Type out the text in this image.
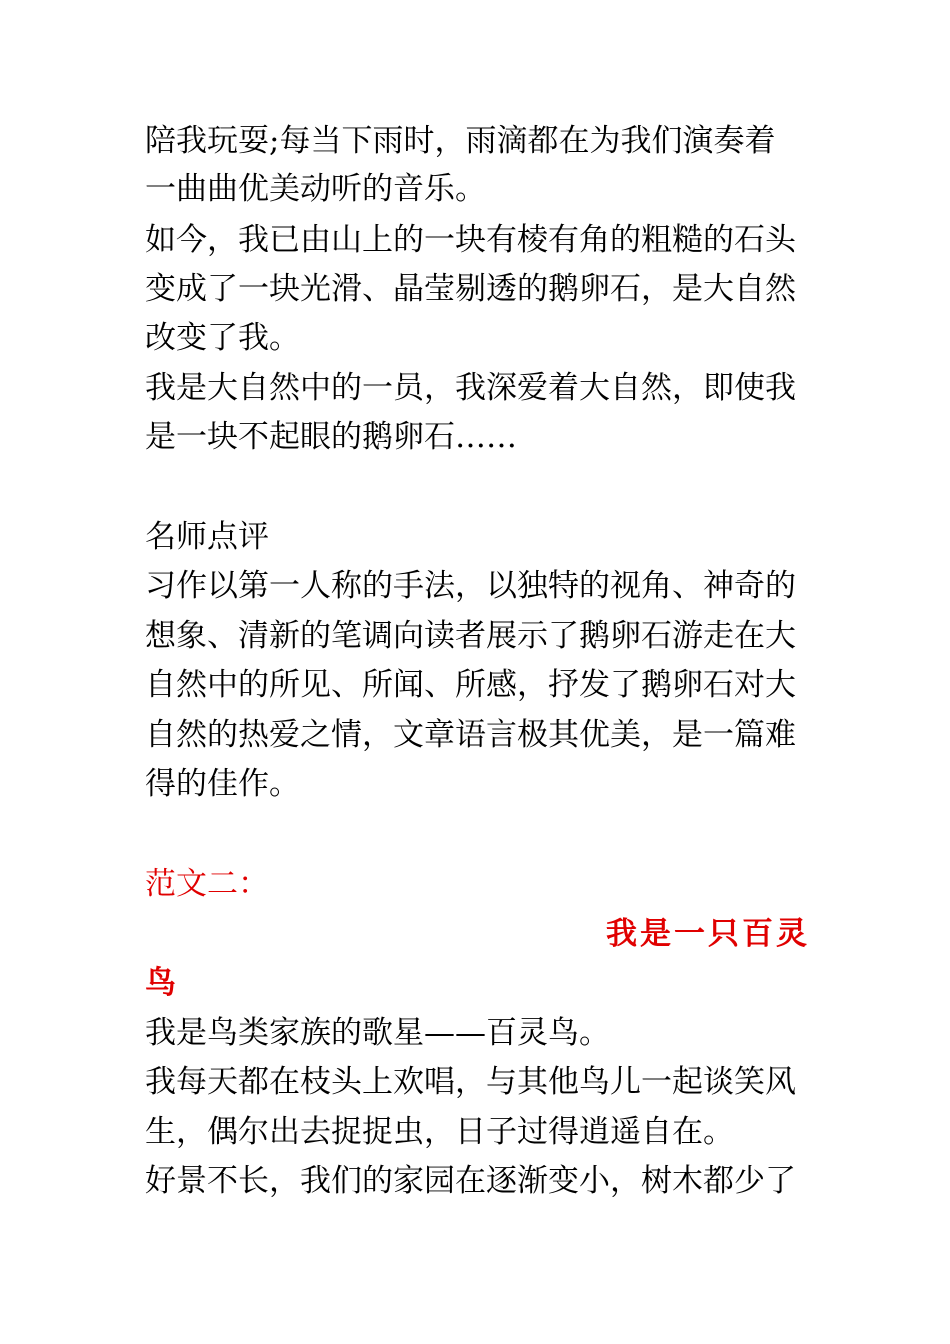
陪我玩耍;每当下雨时，雨滴都在为我们演奏着
一曲曲优美动听的音乐。
如今，我已由山上的一块有棱有角的粗糙的石头
变成了一块光滑、晶莹剔透的鹅卵石，是大自然
改变了我。
我是大自然中的一员，我深爱着大自然，即使我
是一块不起眼的鹅卵石……
名师点评
习作以第一人称的手法，以独特的视角、神奇的
想象、清新的笔调向读者展示了鹅卵石游走在大
自然中的所见、所闻、所感，抒发了鹅卵石对大
自然的热爱之情，文章语言极其优美，是一篇难
得的佳作。
范文二：
我是一只百灵
鸟
我是鸟类家族的歌星——百灵鸟。
我每天都在枝头上欢唱，与其他鸟儿一起谈笑风
生，偶尔出去捉捉虫，日子过得逍遥自在。
好景不长，我们的家园在逐渐变小，树木都少了
